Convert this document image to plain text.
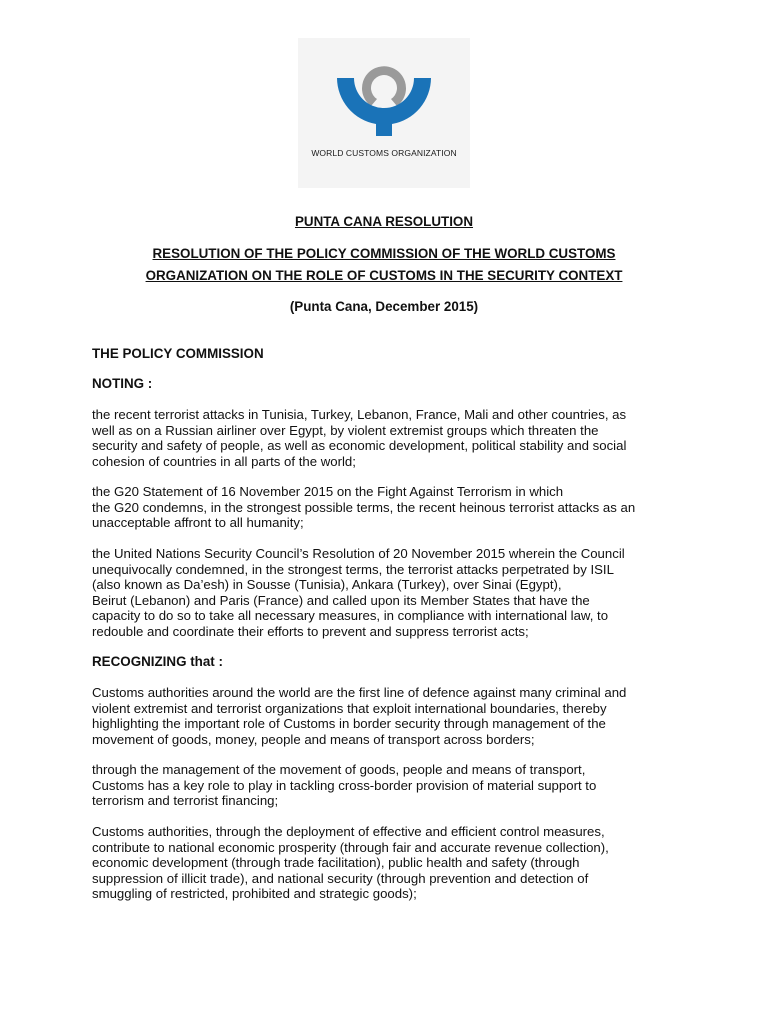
WORLD CUSTOMS ORGANIZATION
PUNTA CANA RESOLUTION
RESOLUTION OF THE POLICY COMMISSION OF THE WORLD CUSTOMS
ORGANIZATION ON THE ROLE OF CUSTOMS IN THE SECURITY CONTEXT
(Punta Cana, December 2015)
THE POLICY COMMISSION
NOTING :
the recent terrorist attacks in Tunisia, Turkey, Lebanon, France, Mali and other countries, as
well as on a Russian airliner over Egypt, by violent extremist groups which threaten the
security and safety of people, as well as economic development, political stability and social
cohesion of countries in all parts of the world;
the G20 Statement of 16 November 2015 on the Fight Against Terrorism in which
the G20 condemns, in the strongest possible terms, the recent heinous terrorist attacks as an
unacceptable affront to all humanity;
the United Nations Security Council’s Resolution of 20 November 2015 wherein the Council
unequivocally condemned, in the strongest terms, the terrorist attacks perpetrated by ISIL
(also known as Da’esh) in Sousse (Tunisia), Ankara (Turkey), over Sinai (Egypt),
Beirut (Lebanon) and Paris (France) and called upon its Member States that have the
capacity to do so to take all necessary measures, in compliance with international law, to
redouble and coordinate their efforts to prevent and suppress terrorist acts;
RECOGNIZING that :
Customs authorities around the world are the first line of defence against many criminal and
violent extremist and terrorist organizations that exploit international boundaries, thereby
highlighting the important role of Customs in border security through management of the
movement of goods, money, people and means of transport across borders;
through the management of the movement of goods, people and means of transport,
Customs has a key role to play in tackling cross-border provision of material support to
terrorism and terrorist financing;
Customs authorities, through the deployment of effective and efficient control measures,
contribute to national economic prosperity (through fair and accurate revenue collection),
economic development (through trade facilitation), public health and safety (through
suppression of illicit trade), and national security (through prevention and detection of
smuggling of restricted, prohibited and strategic goods);
